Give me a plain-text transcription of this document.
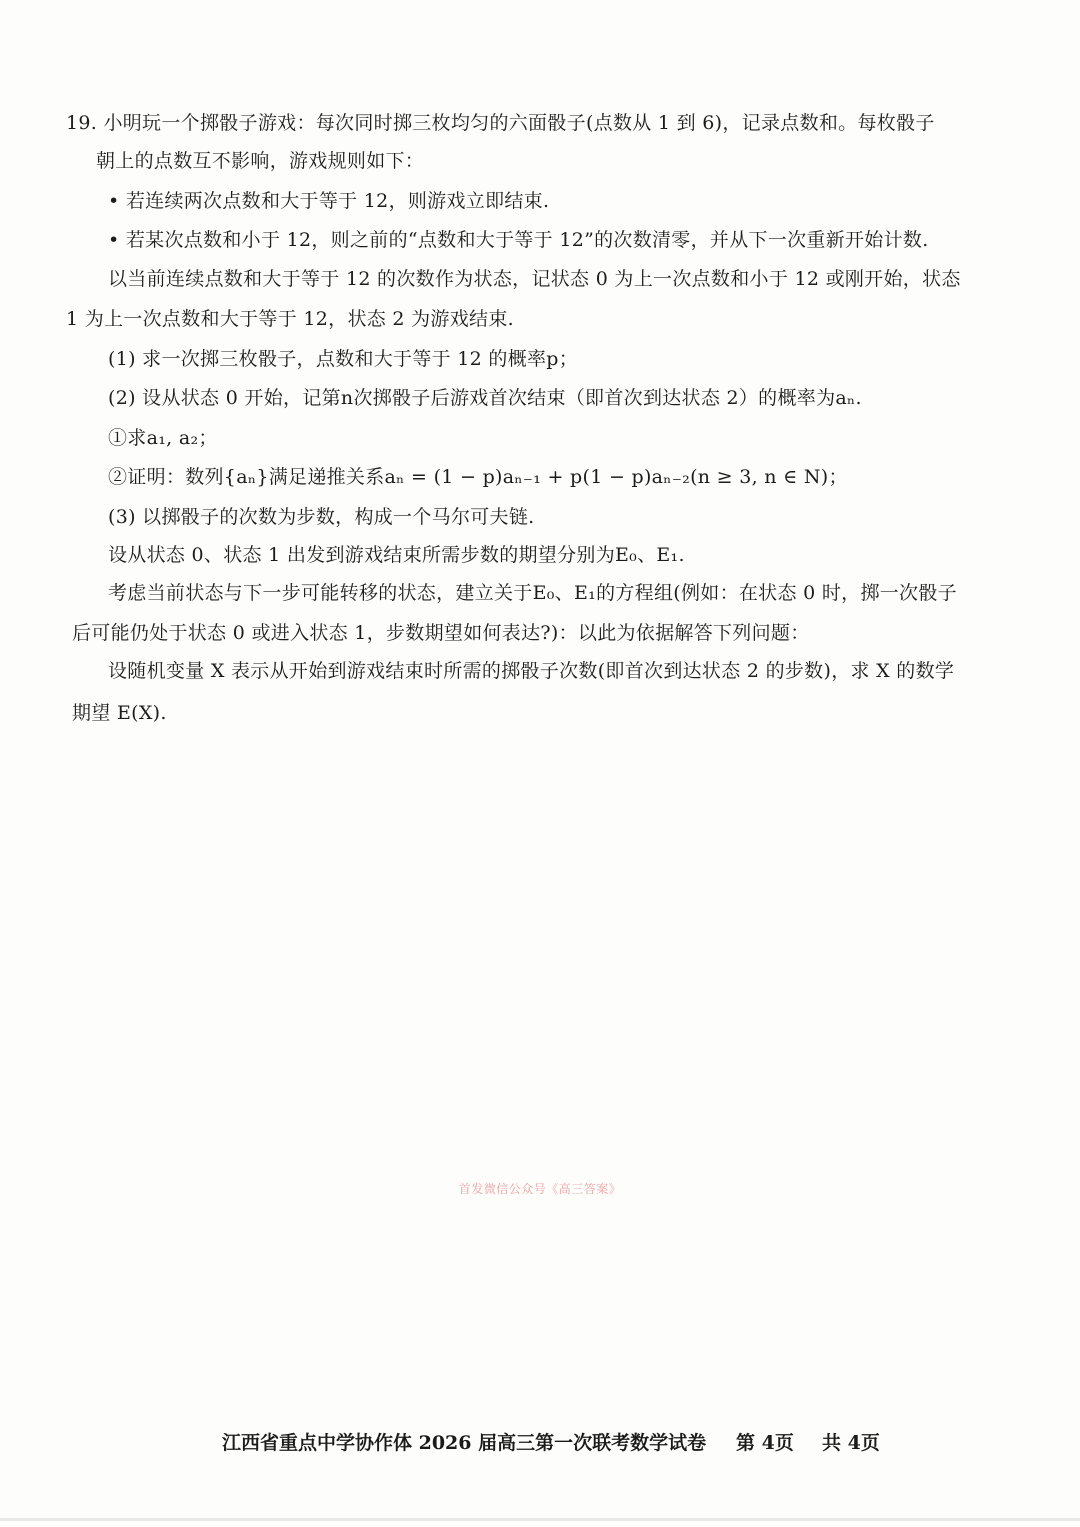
19. 小明玩一个掷骰子游戏：每次同时掷三枚均匀的六面骰子(点数从 1 到 6)，记录点数和。每枚骰子
朝上的点数互不影响，游戏规则如下：
• 若连续两次点数和大于等于 12，则游戏立即结束.
• 若某次点数和小于 12，则之前的“点数和大于等于 12”的次数清零，并从下一次重新开始计数.
以当前连续点数和大于等于 12 的次数作为状态，记状态 0 为上一次点数和小于 12 或刚开始，状态
1 为上一次点数和大于等于 12，状态 2 为游戏结束.
(1) 求一次掷三枚骰子，点数和大于等于 12 的概率p；
(2) 设从状态 0 开始，记第n次掷骰子后游戏首次结束（即首次到达状态 2）的概率为aₙ.
①求a₁, a₂；
②证明：数列{aₙ}满足递推关系aₙ = (1 − p)aₙ₋₁ + p(1 − p)aₙ₋₂(n ≥ 3, n ∈ N)；
(3) 以掷骰子的次数为步数，构成一个马尔可夫链.
设从状态 0、状态 1 出发到游戏结束所需步数的期望分别为E₀、E₁.
考虑当前状态与下一步可能转移的状态，建立关于E₀、E₁的方程组(例如：在状态 0 时，掷一次骰子
后可能仍处于状态 0 或进入状态 1，步数期望如何表达?)：以此为依据解答下列问题：
设随机变量 X 表示从开始到游戏结束时所需的掷骰子次数(即首次到达状态 2 的步数)，求 X 的数学
期望 E(X).
首发微信公众号《高三答案》
江西省重点中学协作体 2026 届高三第一次联考数学试卷 第 4页 共 4页
